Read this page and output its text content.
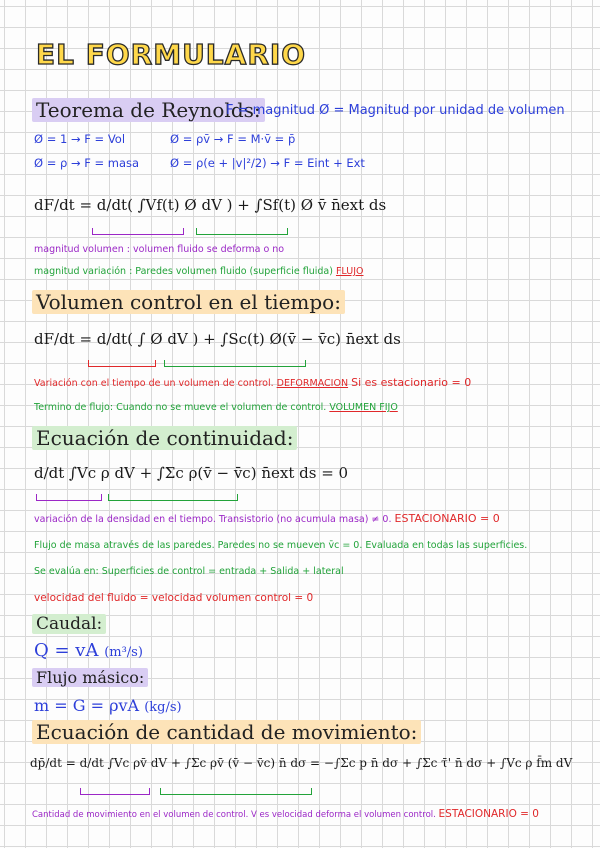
EL FORMULARIO
Teorema de Reynolds:
F = magnitud Ø = Magnitud por unidad de volumen
Ø = 1 → F = Vol	Ø = ρv̄ → F = M·v̄ = p̄
Ø = ρ → F = masa	Ø = ρ(e + |v|²/2) → F = Eint + Ext
dF/dt = d/dt( ∫Vf(t) Ø dV ) + ∫Sf(t) Ø v̄ n̄ext ds
magnitud volumen : volumen fluido se deforma o no
magnitud variación : Paredes volumen fluido (superficie fluida) FLUJO
Volumen control en el tiempo:
dF/dt = d/dt( ∫ Ø dV ) + ∫Sc(t) Ø(v̄ − v̄c) n̄ext ds
Variación con el tiempo de un volumen de control. DEFORMACION Si es estacionario = 0
Termino de flujo: Cuando no se mueve el volumen de control. VOLUMEN FIJO
Ecuación de continuidad:
d/dt ∫Vc ρ dV + ∫Σc ρ(v̄ − v̄c) n̄ext ds = 0
variación de la densidad en el tiempo. Transistorio (no acumula masa) ≠ 0. ESTACIONARIO = 0
Flujo de masa através de las paredes. Paredes no se mueven v̄c = 0. Evaluada en todas las superficies.
Se evalúa en: Superficies de control = entrada + Salida + lateral
velocidad del fluido = velocidad volumen control = 0
Caudal:
Q = vA (m³/s)
Flujo másico:
m = G = ρvA (kg/s)
Ecuación de cantidad de movimiento:
dp̄/dt = d/dt ∫Vc ρv̄ dV + ∫Σc ρv̄ (v̄ − v̄c) n̄ dσ = −∫Σc p n̄ dσ + ∫Σc τ̄' n̄ dσ + ∫Vc ρ f̄m dV
Cantidad de movimiento en el volumen de control. V es velocidad deforma el volumen control. ESTACIONARIO = 0
